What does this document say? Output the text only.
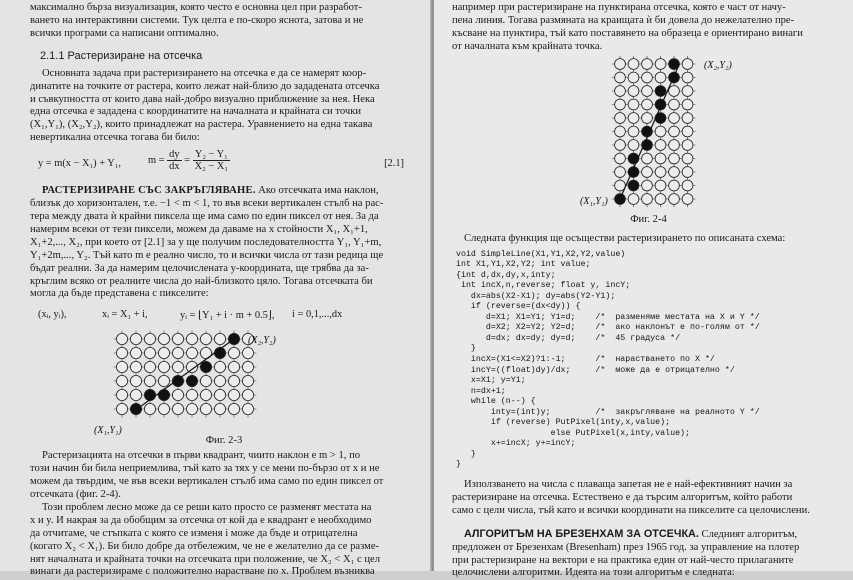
максимално бърза визуализация, която често е основна цел при разработ-

ването на интерактивни системи. Тук целта е по-скоро яснота, затова и не

всички програми са написани оптимално.

2.1.1 Растеризиране на отсечка

Основната задача при растеризирането на отсечка е да се намерят коор-

динатите на точките от растера, които лежат най-близо до зададената отсечка

и съвкупността от които дава най-добро визуално приближение за нея. Нека

една отсечка е зададена с координатите на началната и крайната си точки

(X₁,Y₁), (X₂,Y₂), които принадлежат на растера. Уравнението на една такава

невертикална отсечка тогава би било:

y = m(x − X₁) + Y₁,	$m = \frac{dy}{dx} = \frac{\text{Y₂ − Y₁}}{\text{X₂ − X₁}}$	[2.1]

РАСТЕРИЗИРАНЕ СЪС ЗАКРЪГЛЯВАНЕ. Ако отсечката има наклон,

близък до хоризонтален, т.е. −1 < m < 1, то във всеки вертикален стълб на рас-

тера между двата ѝ крайни пиксела ще има само по един пиксел от нея. За да

намерим всеки от тези пиксели, можем да даваме на x стойности X₁, X₁+1,

X₁+2,..., X₂, при което от [2.1] за y ще получим последователността Y₁, Y₁+m,

Y₁+2m,..., Y₂. Тъй като m е реално число, то и всички числа от тази редица ще

бъдат реални. За да намерим целочислената y-координата, ще трябва да за-

кръглим всяко от реалните числа до най-близкото цяло. Тогава отсечката би

могла да бъде представена с пикселите:

(xᵢ, yᵢ),	xᵢ = X₁ + i,	yᵢ = ⌊Y₁ + i · m + 0.5⌋, i = 0,1,...,dx
(X₁,Y₁)
(X₂,Y₂)
Фиг. 2-3

Растеризацията на отсечки в първи квадрант, чиито наклон е m > 1, по

този начин би била неприемлива, тъй като за тях y се мени по-бързо от x и не

можем да твърдим, че във всеки вертикален стълб има само по един пиксел от

отсечката (фиг. 2-4).

Този проблем лесно може да се реши като просто се разменят местата на

x и y. И накрая за да обобщим за отсечка от кой да е квадрант е необходимо

да отчитаме, че стъпката с която се изменя i може да бъде и отрицателна

(когато X₂ < X₁). Би било добре да отбележим, че не е желателно да се разме-

нят началната и крайната точки на отсечката при положение, че X₂ < X₁ с цел

винаги да растеризираме с положително нарастване по x. Проблем възниква

например при растеризиране на пунктирана отсечка, която е част от начу-

пена линия. Тогава размяната на краищата ѝ би довела до нежелателно пре-

късване на пунктира, тъй като поставянето на образеца е ориентирано винаги

от началната към крайната точка.

(X₁,Y₁)
(X₂,Y₂)
Фиг. 2-4

Следната функция ще осъществи растеризирането по описаната схема:

void SimpleLine(X1,Y1,X2,Y2,value)
int X1,Y1,X2,Y2; int value;
{int d,dx,dy,x,inty;
int incX,n,reverse; float y, incY;
dx=abs(X2-X1); dy=abs(Y2-Y1);
if (reverse=(dx<dy)) {
d=X1; X1=Y1; Y1=d;    /*  разменяме местата на X и Y */
d=X2; X2=Y2; Y2=d;    /*  ако наклонът е по-голям от */
d=dx; dx=dy; dy=d;    /*  45 градуса */
}
incX=(X1<=X2)?1:-1;      /*  нарастването по X */
incY=((float)dy)/dx;     /*  може да е отрицателно */
x=X1; y=Y1;
n=dx+1;
while (n--) {
inty=(int)y;         /*  закръгляване на реалното Y */
if (reverse) PutPixel(inty,x,value);
else PutPixel(x,inty,value);
x+=incX; y+=incY;
}
}

Използването на числа с плаваща запетая не е най-ефективният начин за

растеризиране на отсечка. Естествено е да търсим алгоритъм, който работи

само с цели числа, тъй като и всички координати на пикселите са целочислени.

АЛГОРИТЪМ НА БРЕЗЕНХАМ ЗА ОТСЕЧКА. Следният алгоритъм,

предложен от Брезенхам (Bresenham) през 1965 год. за управление на плотер

при растеризиране на вектори е на практика един от най-често прилаганите

целочислени алгоритми. Идеята на този алгоритъм е следната:
